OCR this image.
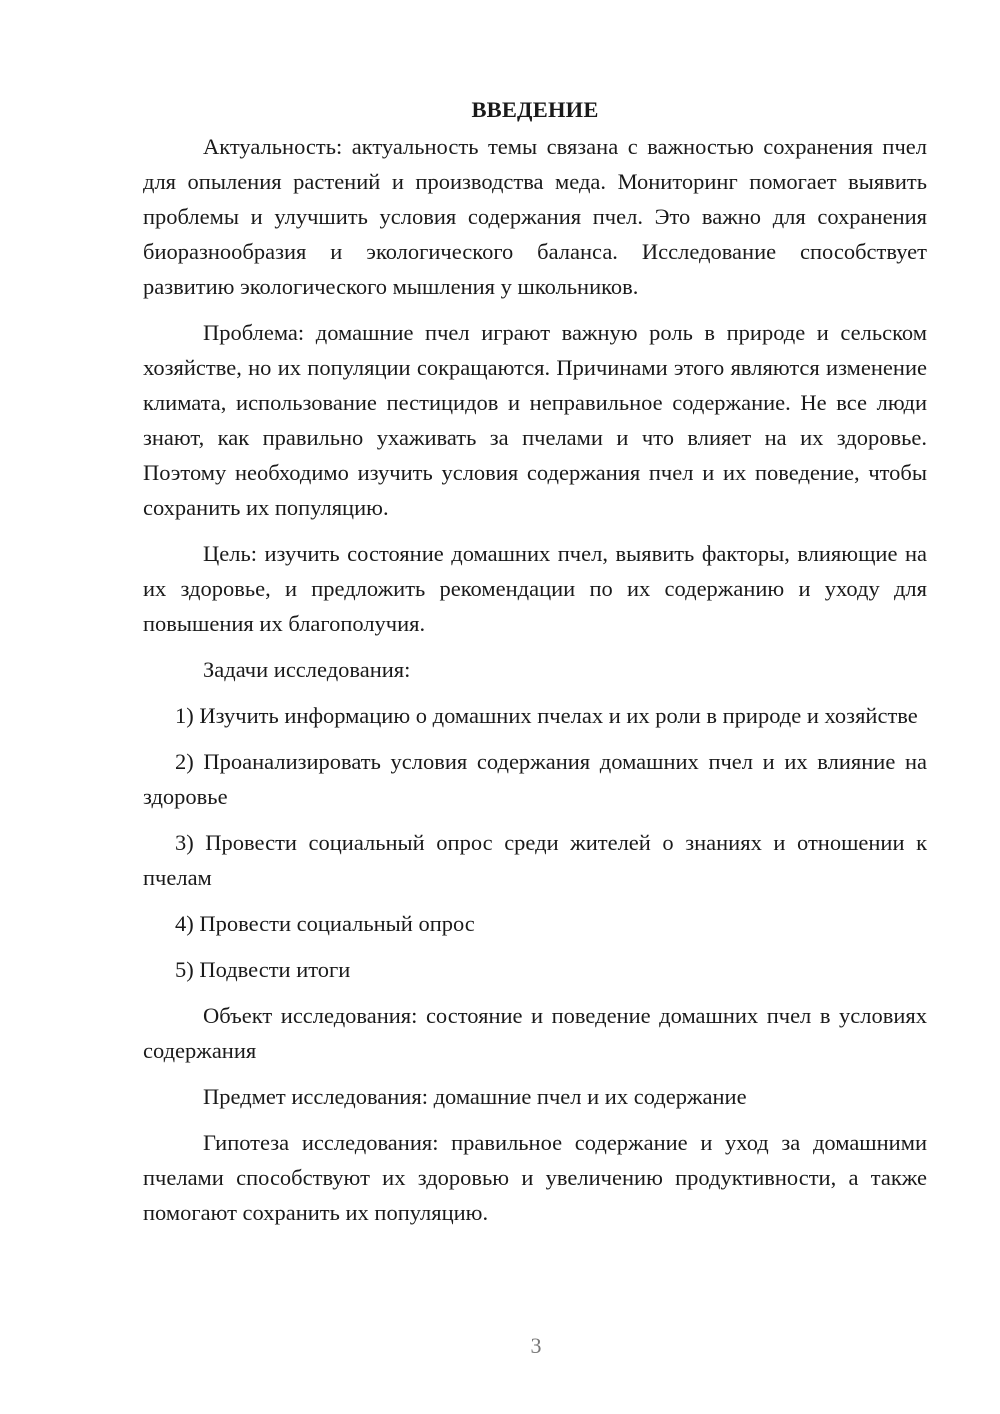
ВВЕДЕНИЕ

Актуальность: актуальность темы связана с важностью сохранения пчел для опыления растений и производства меда. Мониторинг помогает выявить проблемы и улучшить условия содержания пчел. Это важно для сохранения биоразнообразия и экологического баланса. Исследование способствует развитию экологического мышления у школьников.

Проблема: домашние пчел играют важную роль в природе и сельском хозяйстве, но их популяции сокращаются. Причинами этого являются изменение климата, использование пестицидов и неправильное содержание. Не все люди знают, как правильно ухаживать за пчелами и что влияет на их здоровье. Поэтому необходимо изучить условия содержания пчел и их поведение, чтобы сохранить их популяцию.

Цель: изучить состояние домашних пчел, выявить факторы, влияющие на их здоровье, и предложить рекомендации по их содержанию и уходу для повышения их благополучия.

Задачи исследования:

1) Изучить информацию о домашних пчелах и их роли в природе и хозяйстве

2) Проанализировать условия содержания домашних пчел и их влияние на здоровье

3) Провести социальный опрос среди жителей о знаниях и отношении к пчелам

4) Провести социальный опрос

5) Подвести итоги

Объект исследования: состояние и поведение домашних пчел в условиях содержания

Предмет исследования: домашние пчел и их содержание

Гипотеза исследования: правильное содержание и уход за домашними пчелами способствуют их здоровью и увеличению продуктивности, а также помогают сохранить их популяцию.

3
